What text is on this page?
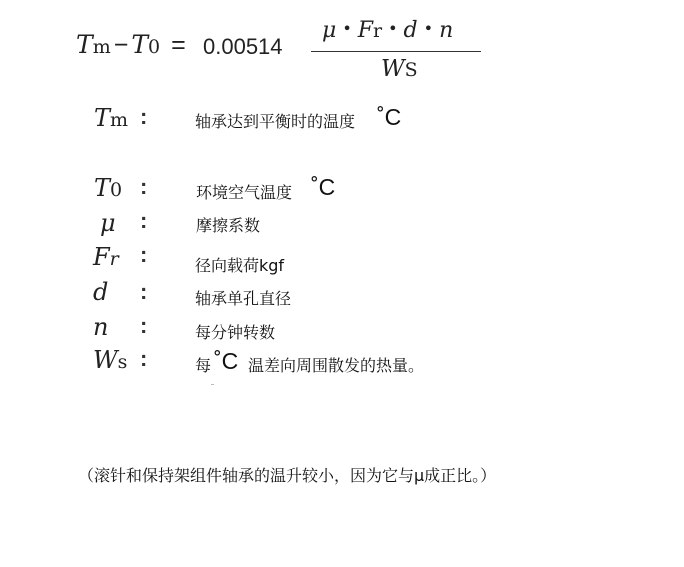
Tm − T0 = 0.00514
μ • Fr • d • n
WS
Tm :	轴承达到平衡时的温度 ˚C
T0 :	环境空气温度 ˚C
μ :	摩擦系数
Fr :	径向载荷kgf
d :	轴承单孔直径
n :	每分钟转数
Ws :	每 ˚C 温差向周围散发的热量。
（滚针和保持架组件轴承的温升较小，因为它与μ成正比。）
